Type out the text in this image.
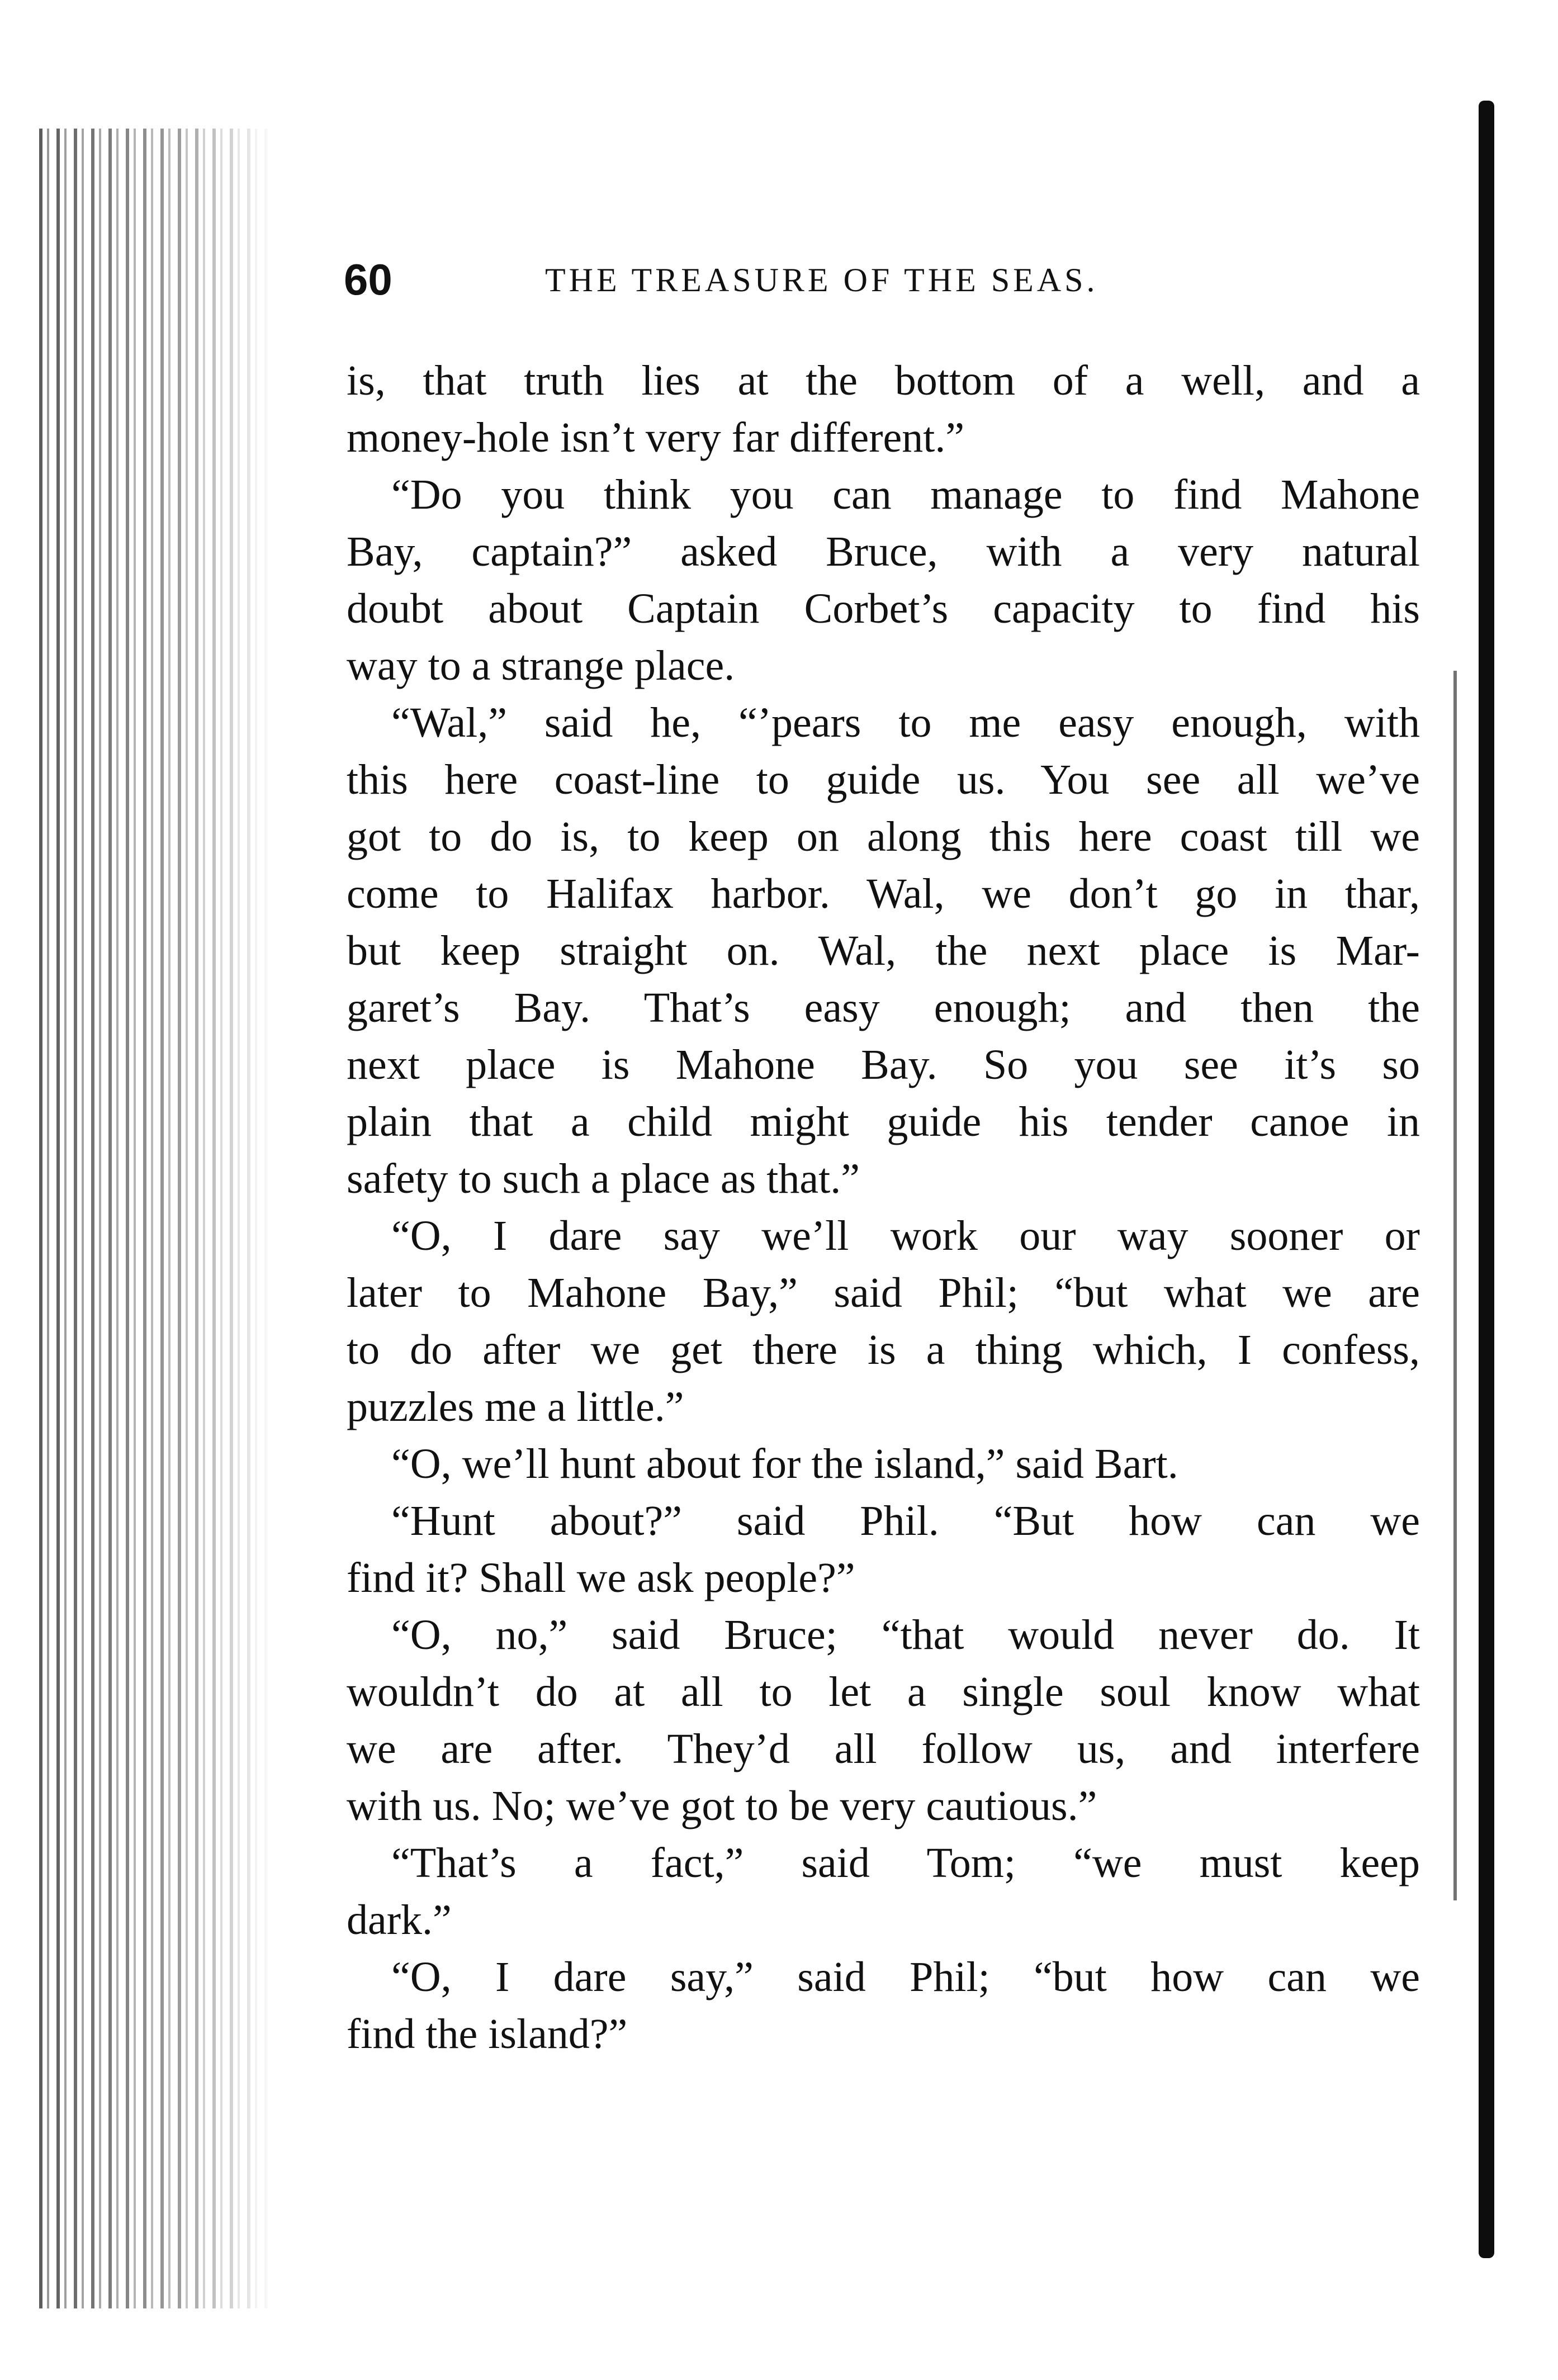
60	THE TREASURE OF THE SEAS.
is, that truth lies at the bottom of a well, and a
money-hole isn’t very far different.”
“Do you think you can manage to find Mahone
Bay, captain?” asked Bruce, with a very natural
doubt about Captain Corbet’s capacity to find his
way to a strange place.
“Wal,” said he, “’pears to me easy enough, with
this here coast-line to guide us. You see all we’ve
got to do is, to keep on along this here coast till we
come to Halifax harbor. Wal, we don’t go in thar,
but keep straight on. Wal, the next place is Mar-
garet’s Bay. That’s easy enough; and then the
next place is Mahone Bay. So you see it’s so
plain that a child might guide his tender canoe in
safety to such a place as that.”
“O, I dare say we’ll work our way sooner or
later to Mahone Bay,” said Phil; “but what we are
to do after we get there is a thing which, I confess,
puzzles me a little.”
“O, we’ll hunt about for the island,” said Bart.
“Hunt about?” said Phil. “But how can we
find it? Shall we ask people?”
“O, no,” said Bruce; “that would never do. It
wouldn’t do at all to let a single soul know what
we are after. They’d all follow us, and interfere
with us. No; we’ve got to be very cautious.”
“That’s a fact,” said Tom; “we must keep
dark.”
“O, I dare say,” said Phil; “but how can we
find the island?”
